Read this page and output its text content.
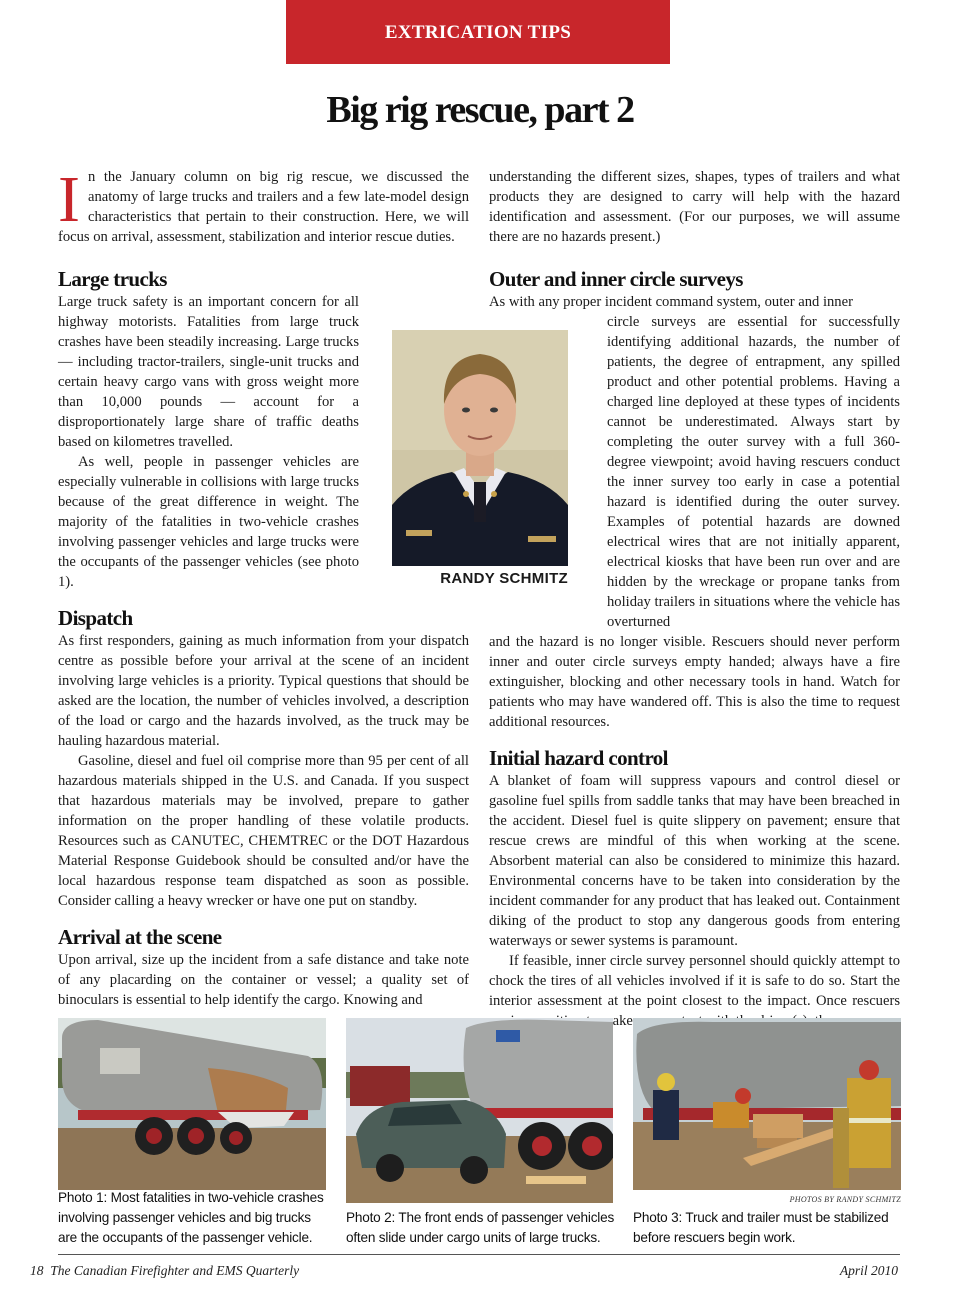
EXTRICATION TIPS
Big rig rescue, part 2

In the January column on big rig rescue, we discussed the anatomy of large trucks and trailers and a few late-model design characteristics that pertain to their construction. Here, we will focus on arrival, assessment, stabilization and interior rescue duties.

Large trucks

Large truck safety is an important concern for all highway motorists. Fatalities from large truck crashes have been steadily increasing. Large trucks — including tractor-trailers, single-unit trucks and certain heavy cargo vans with gross weight more than 10,000 pounds — account for a disproportionately large share of traffic deaths based on kilometres travelled.

As well, people in passenger vehicles are especially vulnerable in collisions with large trucks because of the great difference in weight. The majority of the fatalities in two-vehicle crashes involving passenger vehicles and large trucks were the occupants of the passenger vehicles (see photo 1).

Dispatch

As first responders, gaining as much information from your dispatch centre as possible before your arrival at the scene of an incident involving large vehicles is a priority. Typical questions that should be asked are the location, the number of vehicles involved, a description of the load or cargo and the hazards involved, as the truck may be hauling hazardous material.

Gasoline, diesel and fuel oil comprise more than 95 per cent of all hazardous materials shipped in the U.S. and Canada. If you suspect that hazardous materials may be involved, prepare to gather information on the proper handling of these volatile products. Resources such as CANUTEC, CHEMTREC or the DOT Hazardous Material Response Guidebook should be consulted and/or have the local hazardous response team dispatched as soon as possible. Consider calling a heavy wrecker or have one put on standby.

Arrival at the scene

Upon arrival, size up the incident from a safe distance and take note of any placarding on the container or vessel; a quality set of binoculars is essential to help identify the cargo. Knowing and

RANDY SCHMITZ

understanding the different sizes, shapes, types of trailers and what products they are designed to carry will help with the hazard identification and assessment. (For our purposes, we will assume there are no hazards present.)

Outer and inner circle surveys

As with any proper incident command system, outer and inner

circle surveys are essential for successfully identifying additional hazards, the number of patients, the degree of entrapment, any spilled product and other potential problems. Having a charged line deployed at these types of incidents cannot be underestimated. Always start by completing the outer survey with a full 360-degree viewpoint; avoid having rescuers conduct the inner survey too early in case a potential hazard is identified during the outer survey. Examples of potential hazards are downed electrical wires that are not initially apparent, electrical kiosks that have been run over and are hidden by the wreckage or propane tanks from holiday trailers in situations where the vehicle has overturned

and the hazard is no longer visible. Rescuers should never perform inner and outer circle surveys empty handed; always have a fire extinguisher, blocking and other necessary tools in hand. Watch for patients who may have wandered off. This is also the time to request additional resources.

Initial hazard control

A blanket of foam will suppress vapours and control diesel or gasoline fuel spills from saddle tanks that may have been breached in the accident. Diesel fuel is quite slippery on pavement; ensure that rescue crews are mindful of this when working at the scene. Absorbent material can also be considered to minimize this hazard. Environmental concerns have to be taken into consideration by the incident commander for any product that has leaked out. Containment diking of the product to stop any dangerous goods from entering waterways or sewer systems is paramount.

If feasible, inner circle survey personnel should quickly attempt to chock the tires of all vehicles involved if it is safe to do so. Start the interior assessment at the point closest to the impact. Once rescuers make

Photo 1: Most fatalities in two-vehicle crashes involving passenger vehicles and big trucks are the occupants of the passenger vehicle.
Photo 2: The front ends of passenger vehicles often slide under cargo units of large trucks.
PHOTOS BY RANDY SCHMITZ
Photo 3: Truck and trailer must be stabilized before rescuers begin work.
18  The Canadian Firefighter and EMS Quarterly	April 2010
